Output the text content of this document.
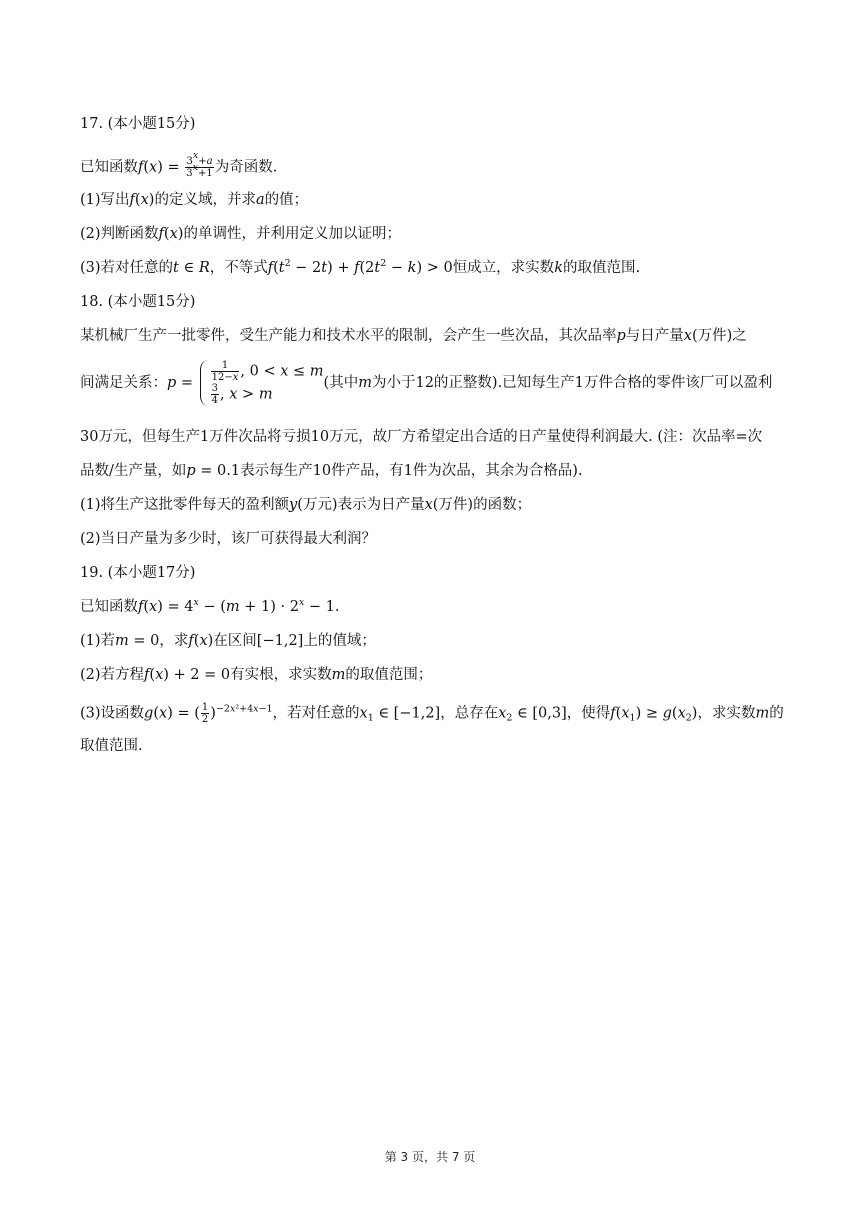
17. (本小题15分)
已知函数$f(x) = \frac{3^x+a}{3^x+1}$ 为奇函数.
(1)写出f(x)的定义域，并求a的值；
(2)判断函数f(x)的单调性，并利用定义加以证明；
(3)若对任意的t ∈ R，不等式$f(t^2 - 2t) + f(2t^2 - k) > 0$恒成立，求实数k的取值范围.
18. (本小题15分)
某机械厂生产一批零件，受生产能力和技术水平的限制，会产生一些次品，其次品率p与日产量x(万件)之
间满足关系：$p = \frac{1}{12-x}$ , 0 < x ≤ m
$\frac{3}{4}$ , x > m
(其中m为小于12的正整数).已知每生产1万件合格的零件该厂可以盈利
30万元，但每生产1万件次品将亏损10万元，故厂方希望定出合适的日产量使得利润最大. (注：次品率=次
品数/生产量，如p = 0.1表示每生产10件产品，有1件为次品，其余为合格品).
(1)将生产这批零件每天的盈利额y(万元)表示为日产量x(万件)的函数；
(2)当日产量为多少时，该厂可获得最大利润？
19. (本小题17分)
已知函数$f(x) = 4^x - (m + 1) \cdot 2^x - 1$.
(1)若m = 0，求f(x)在区间[−1,2]上的值域；
(2)若方程f(x) + 2 = 0有实根，求实数m的取值范围；
(3)设函数g(x) = ( $\frac{1}{2} )^{-2x^2+4x-1}$，若对任意的$x_1$ ∈ [−1,2]，总存在$x_2$ ∈ [0,3]，使得$f(x_1) \ge g(x_2)$，求实数m的
取值范围.
第 3 页，共 7 页
